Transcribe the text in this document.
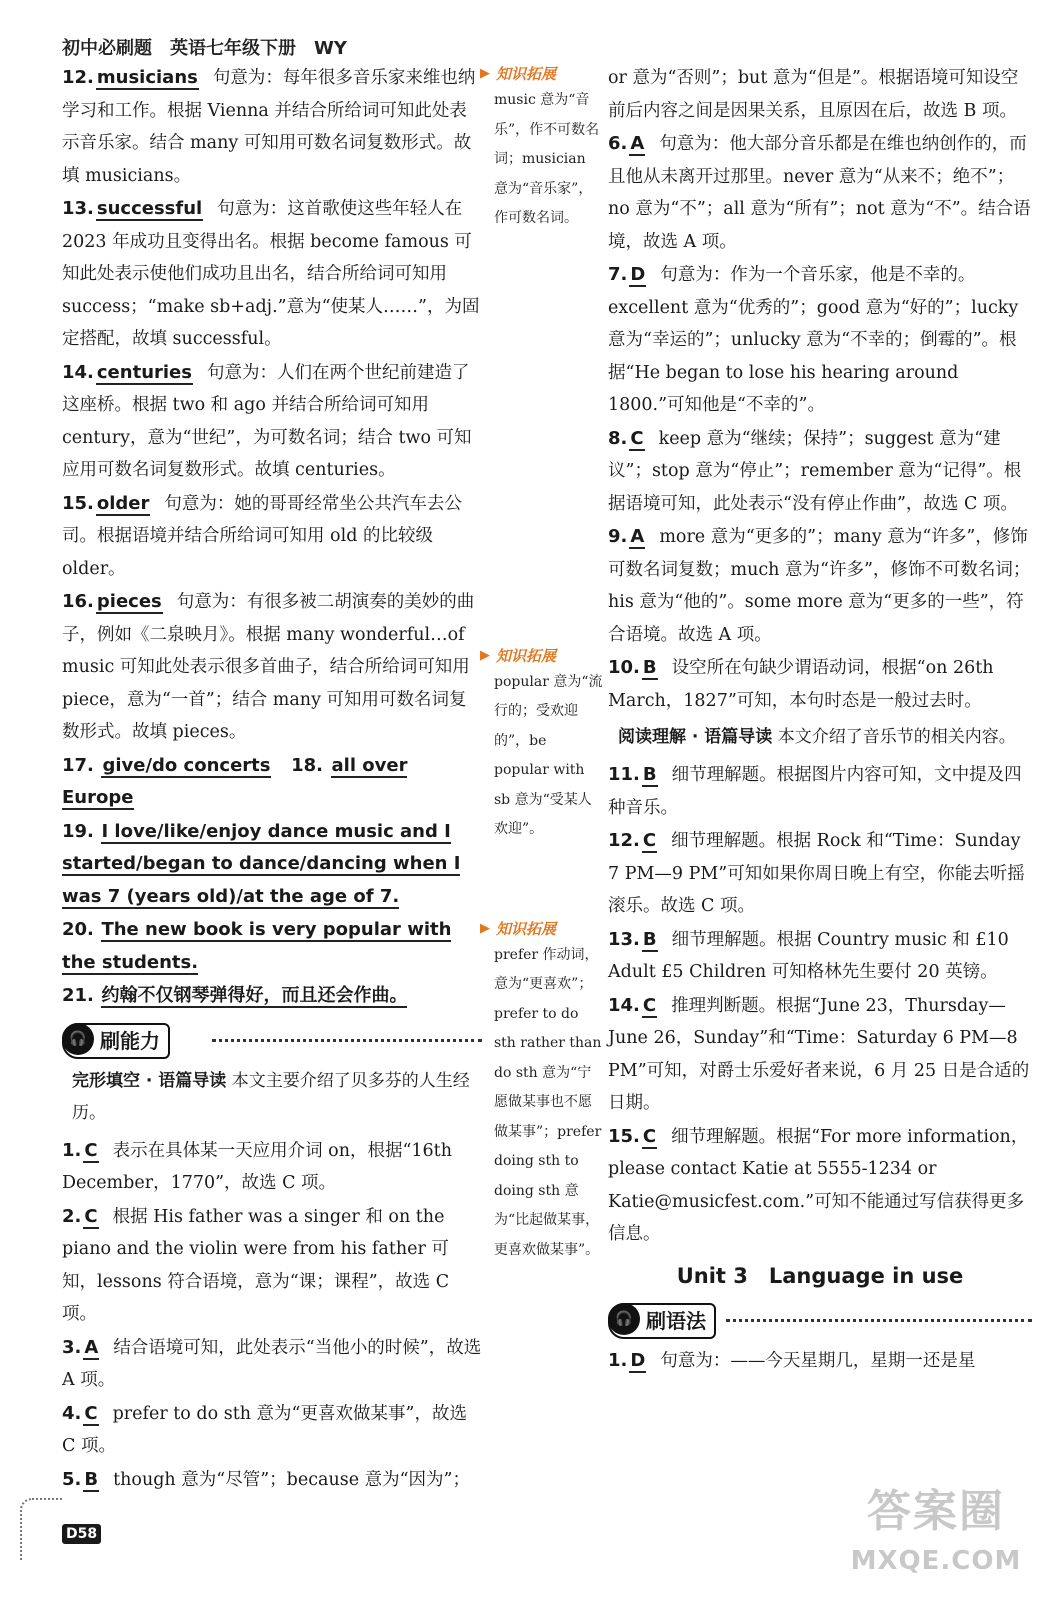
初中必刷题　英语七年级下册　WY
12. musicians 句意为：每年很多音乐家来维也纳学习和工作。根据 Vienna 并结合所给词可知此处表示音乐家。结合 many 可知用可数名词复数形式。故填 musicians。
13. successful 句意为：这首歌使这些年轻人在 2023 年成功且变得出名。根据 become famous 可知此处表示使他们成功且出名，结合所给词可知用 success；“make sb+adj.”意为“使某人……”，为固定搭配，故填 successful。
14. centuries 句意为：人们在两个世纪前建造了这座桥。根据 two 和 ago 并结合所给词可知用 century，意为“世纪”，为可数名词；结合 two 可知应用可数名词复数形式。故填 centuries。
15. older 句意为：她的哥哥经常坐公共汽车去公司。根据语境并结合所给词可知用 old 的比较级 older。
16. pieces 句意为：有很多被二胡演奏的美妙的曲子，例如《二泉映月》。根据 many wonderful…of music 可知此处表示很多首曲子，结合所给词可知用 piece，意为“一首”；结合 many 可知用可数名词复数形式。故填 pieces。
17. give/do concerts 18. all over Europe
19. I love/like/enjoy dance music and I started/began to dance/dancing when I was 7 (years old)/at the age of 7.
20. The new book is very popular with the students.
21. 约翰不仅钢琴弹得好，而且还会作曲。
🎧 刷能力
完形填空 · 语篇导读 本文主要介绍了贝多芬的人生经历。
1. C 表示在具体某一天应用介词 on，根据“16th December，1770”，故选 C 项。
2. C 根据 His father was a singer 和 on the piano and the violin were from his father 可知，lessons 符合语境，意为“课；课程”，故选 C 项。
3. A 结合语境可知，此处表示“当他小的时候”，故选 A 项。
4. C prefer to do sth 意为“更喜欢做某事”，故选 C 项。
5. B though 意为“尽管”；because 意为“因为”；
▶ 知识拓展
music 意为“音乐”，作不可数名词；musician 意为“音乐家”，作可数名词。
▶ 知识拓展
popular 意为“流行的；受欢迎的”，be popular with sb 意为“受某人欢迎”。
▶ 知识拓展
prefer 作动词，意为“更喜欢”；prefer to do sth rather than do sth 意为“宁愿做某事也不愿做某事”；prefer doing sth to doing sth 意为“比起做某事，更喜欢做某事”。
or 意为“否则”；but 意为“但是”。根据语境可知设空前后内容之间是因果关系，且原因在后，故选 B 项。
6. A 句意为：他大部分音乐都是在维也纳创作的，而且他从未离开过那里。never 意为“从来不；绝不”；no 意为“不”；all 意为“所有”；not 意为“不”。结合语境，故选 A 项。
7. D 句意为：作为一个音乐家，他是不幸的。excellent 意为“优秀的”；good 意为“好的”；lucky 意为“幸运的”；unlucky 意为“不幸的；倒霉的”。根据“He began to lose his hearing around 1800.”可知他是“不幸的”。
8. C keep 意为“继续；保持”；suggest 意为“建议”；stop 意为“停止”；remember 意为“记得”。根据语境可知，此处表示“没有停止作曲”，故选 C 项。
9. A more 意为“更多的”；many 意为“许多”，修饰可数名词复数；much 意为“许多”，修饰不可数名词；his 意为“他的”。some more 意为“更多的一些”，符合语境。故选 A 项。
10. B 设空所在句缺少谓语动词，根据“on 26th March，1827”可知，本句时态是一般过去时。
阅读理解 · 语篇导读 本文介绍了音乐节的相关内容。
11. B 细节理解题。根据图片内容可知，文中提及四种音乐。
12. C 细节理解题。根据 Rock 和“Time：Sunday 7 PM—9 PM”可知如果你周日晚上有空，你能去听摇滚乐。故选 C 项。
13. B 细节理解题。根据 Country music 和 £10 Adult £5 Children 可知格林先生要付 20 英镑。
14. C 推理判断题。根据“June 23，Thursday—June 26，Sunday”和“Time：Saturday 6 PM—8 PM”可知，对爵士乐爱好者来说，6 月 25 日是合适的日期。
15. C 细节理解题。根据“For more information，please contact Katie at 5555-1234 or Katie@musicfest.com.”可知不能通过写信获得更多信息。
Unit 3　Language in use
🎧 刷语法
1. D 句意为：——今天星期几，星期一还是星
D58	答案圈
MXQE.COM
